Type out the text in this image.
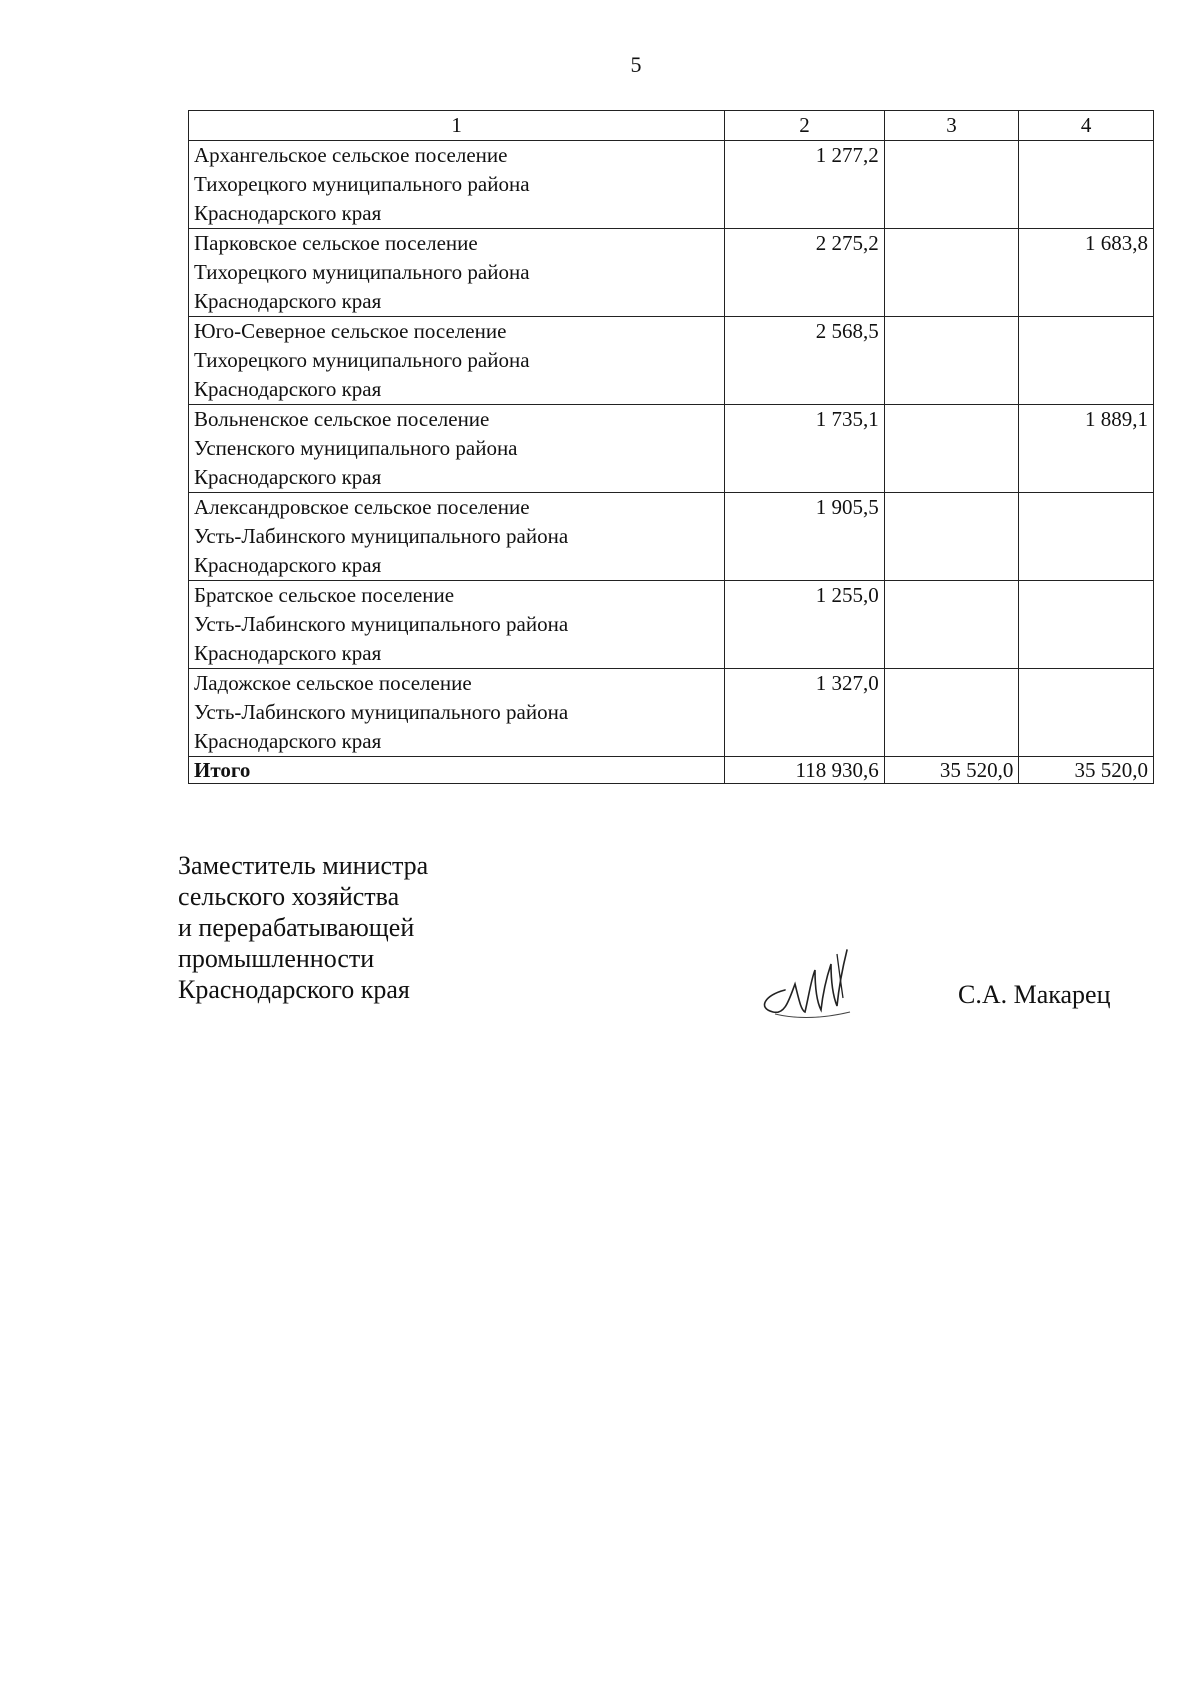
5
1	2	3	4

Архангельское сельское поселение
Тихорецкого муниципального района
Краснодарского края	1 277,2		

Парковское сельское поселение
Тихорецкого муниципального района
Краснодарского края	2 275,2		1 683,8

Юго-Северное сельское поселение
Тихорецкого муниципального района
Краснодарского края	2 568,5		

Вольненское сельское поселение
Успенского муниципального района
Краснодарского края	1 735,1		1 889,1

Александровское сельское поселение
Усть-Лабинского муниципального района
Краснодарского края	1 905,5		

Братское сельское поселение
Усть-Лабинского муниципального района
Краснодарского края	1 255,0		

Ладожское сельское поселение
Усть-Лабинского муниципального района
Краснодарского края	1 327,0		
Итого	118 930,6	35 520,0	35 520,0
Заместитель министра
сельского хозяйства
и перерабатывающей
промышленности
Краснодарского края	С.А. Макарец
